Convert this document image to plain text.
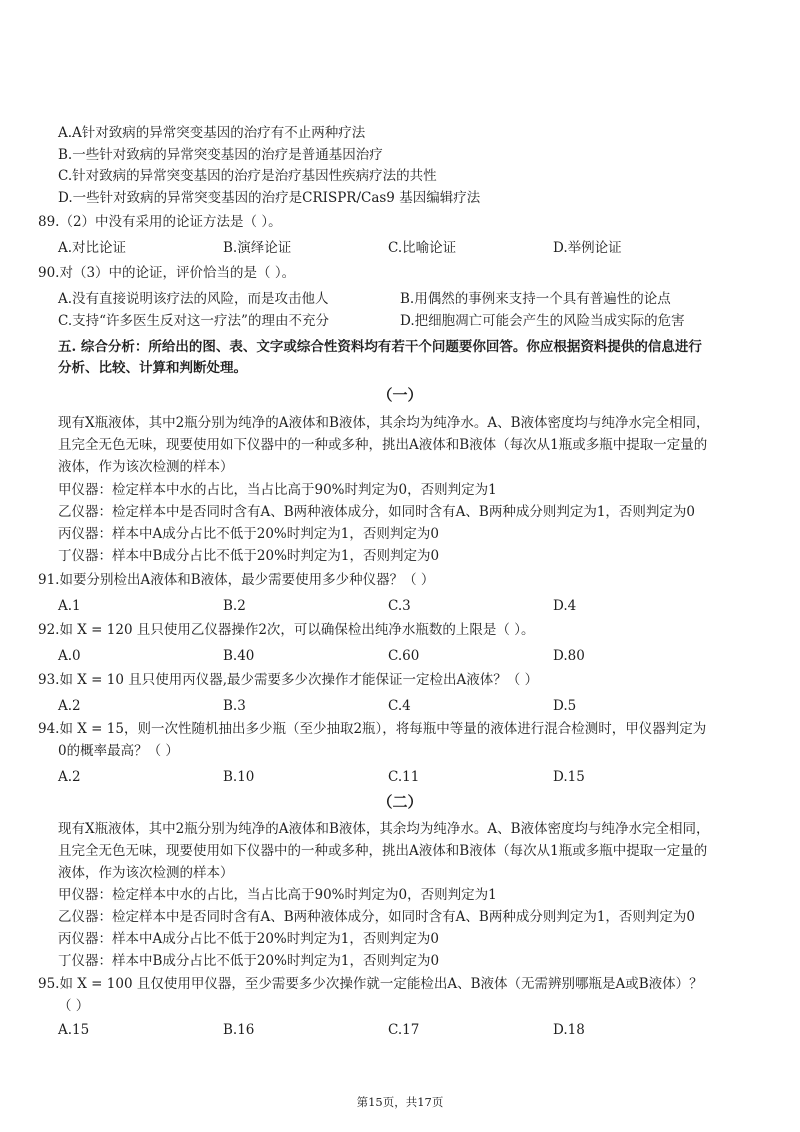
A.A针对致病的异常突变基因的治疗有不止两种疗法
B.一些针对致病的异常突变基因的治疗是普通基因治疗
C.针对致病的异常突变基因的治疗是治疗基因性疾病疗法的共性
D.一些针对致病的异常突变基因的治疗是CRISPR/Cas9 基因编辑疗法
89.（2）中没有采用的论证方法是（ ）。
A.对比论证	B.演绎论证	C.比喻论证	D.举例论证
90.对（3）中的论证，评价恰当的是（ ）。
A.没有直接说明该疗法的风险，而是攻击他人	B.用偶然的事例来支持一个具有普遍性的论点
C.支持“许多医生反对这一疗法”的理由不充分	D.把细胞凋亡可能会产生的风险当成实际的危害
五. 综合分析：所给出的图、表、文字或综合性资料均有若干个问题要你回答。你应根据资料提供的信息进行
分析、比较、计算和判断处理。
（一）
现有X瓶液体，其中2瓶分别为纯净的A液体和B液体，其余均为纯净水。A、B液体密度均与纯净水完全相同，
且完全无色无味，现要使用如下仪器中的一种或多种，挑出A液体和B液体（每次从1瓶或多瓶中提取一定量的
液体，作为该次检测的样本）
甲仪器：检定样本中水的占比，当占比高于90%时判定为0，否则判定为1
乙仪器：检定样本中是否同时含有A、B两种液体成分，如同时含有A、B两种成分则判定为1，否则判定为0
丙仪器：样本中A成分占比不低于20%时判定为1，否则判定为0
丁仪器：样本中B成分占比不低于20%时判定为1，否则判定为0
91.如要分别检出A液体和B液体，最少需要使用多少种仪器？（ ）
A.1	B.2	C.3	D.4
92.如 X = 120 且只使用乙仪器操作2次，可以确保检出纯净水瓶数的上限是（ ）。
A.0	B.40	C.60	D.80
93.如 X = 10 且只使用丙仪器,最少需要多少次操作才能保证一定检出A液体？（ ）
A.2	B.3	C.4	D.5
94.如 X = 15，则一次性随机抽出多少瓶（至少抽取2瓶），将每瓶中等量的液体进行混合检测时，甲仪器判定为
0的概率最高？（ ）
A.2	B.10	C.11	D.15
（二）
现有X瓶液体，其中2瓶分别为纯净的A液体和B液体，其余均为纯净水。A、B液体密度均与纯净水完全相同，
且完全无色无味，现要使用如下仪器中的一种或多种，挑出A液体和B液体（每次从1瓶或多瓶中提取一定量的
液体，作为该次检测的样本）
甲仪器：检定样本中水的占比，当占比高于90%时判定为0，否则判定为1
乙仪器：检定样本中是否同时含有A、B两种液体成分，如同时含有A、B两种成分则判定为1，否则判定为0
丙仪器：样本中A成分占比不低于20%时判定为1，否则判定为0
丁仪器：样本中B成分占比不低于20%时判定为1，否则判定为0
95.如 X = 100 且仅使用甲仪器，至少需要多少次操作就一定能检出A、B液体（无需辨别哪瓶是A或B液体）？
（ ）
A.15	B.16	C.17	D.18
第15页，共17页
